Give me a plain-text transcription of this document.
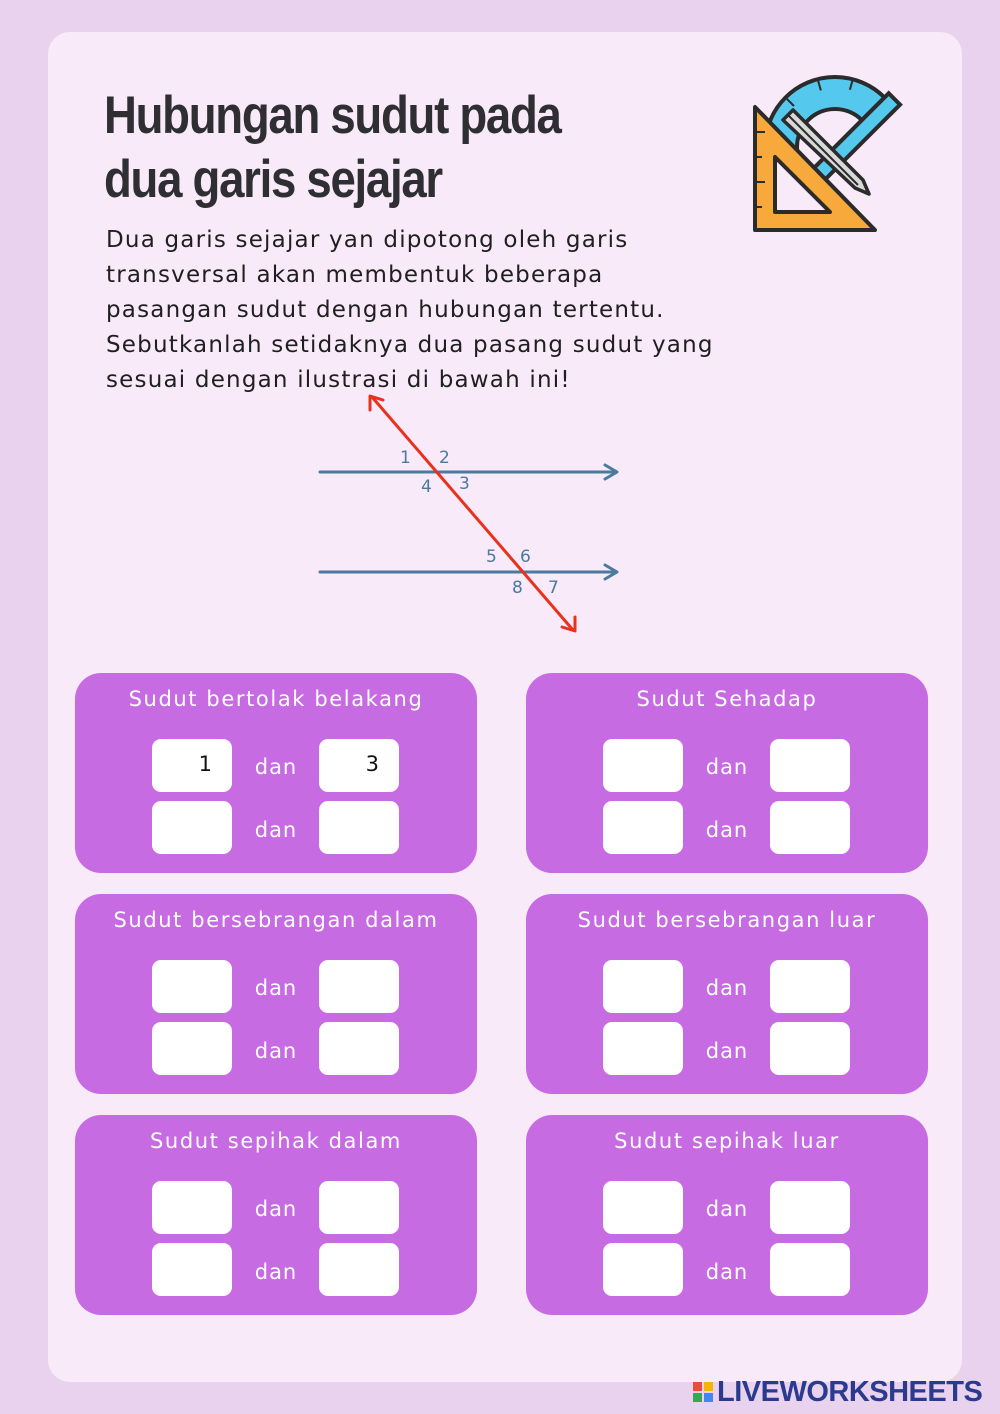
Hubungan sudut pada
dua garis sejajar

Dua garis sejajar yan dipotong oleh garis
transversal akan membentuk beberapa
pasangan sudut dengan hubungan tertentu.
Sebutkanlah setidaknya dua pasang sudut yang
sesuai dengan ilustrasi di bawah ini!

1 2
3
4
5 6
7
8
Sudut bertolak belakang
1	dan	3
dan
Sudut Sehadap
dan
dan
Sudut bersebrangan dalam
dan
dan
Sudut bersebrangan luar
dan
dan
Sudut sepihak dalam
dan
dan
Sudut sepihak luar
dan
dan
LIVEWORKSHEETS
